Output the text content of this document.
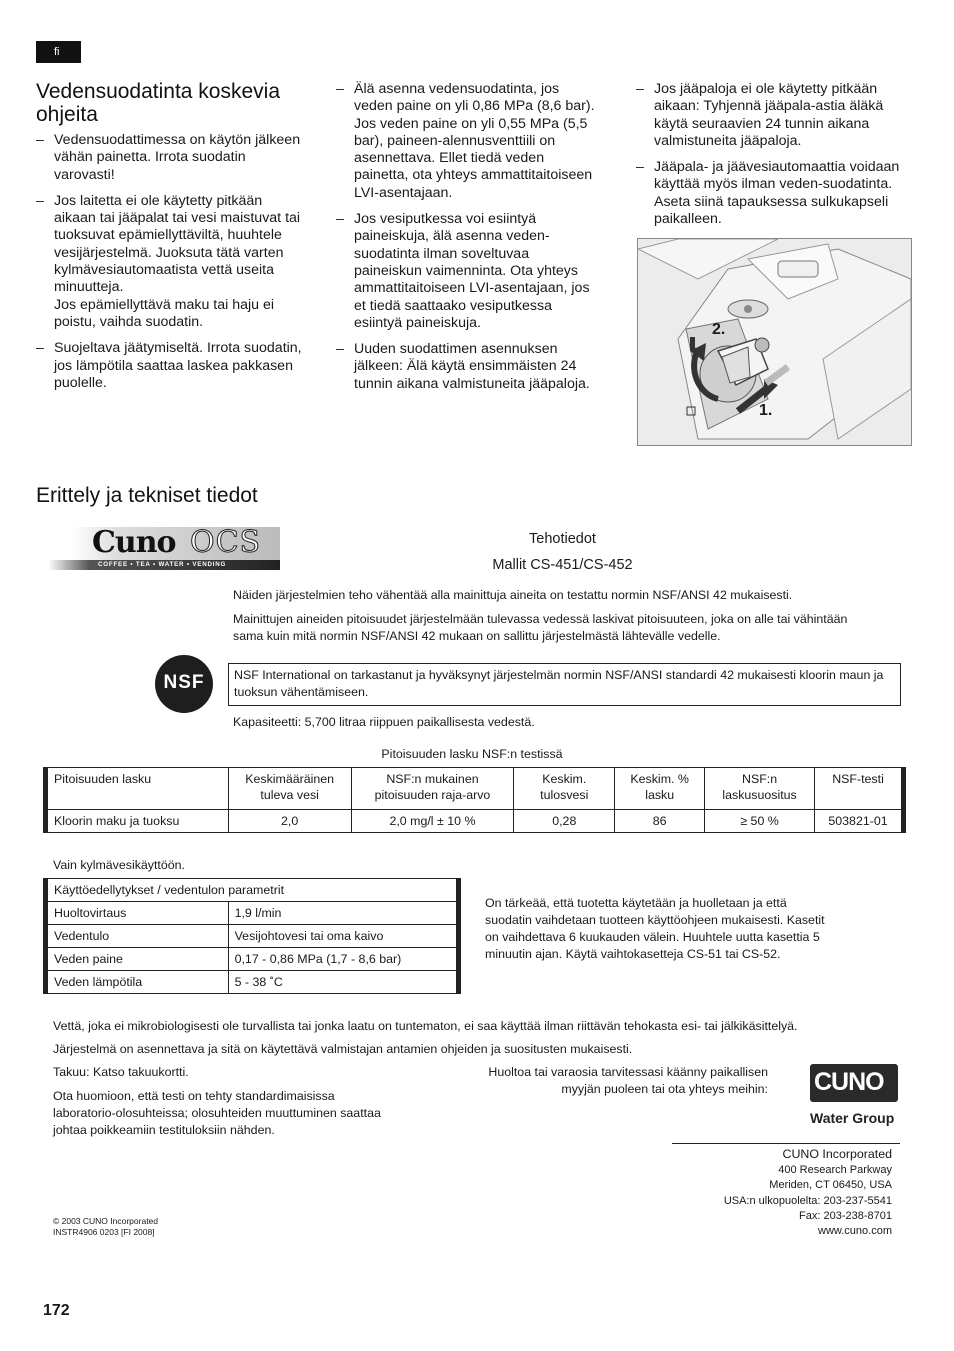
fi
Vedensuodatinta koskevia
ohjeita
– Vedensuodattimessa on käytön jälkeen vähän painetta. Irrota suodatin varovasti!
– Jos laitetta ei ole käytetty pitkään aikaan tai jääpalat tai vesi maistuvat tai tuoksuvat epämiellyttäviltä, huuhtele vesijärjestelmä. Juoksuta tätä varten kylmävesiautomaatista vettä useita minuutteja.
Jos epämiellyttävä maku tai haju ei poistu, vaihda suodatin.
– Suojeltava jäätymiseltä. Irrota suodatin, jos lämpötila saattaa laskea pakkasen puolelle.
– Älä asenna vedensuodatinta, jos veden paine on yli 0,86 MPa (8,6 bar). Jos veden paine on yli 0,55 MPa (5,5 bar), paineen-alennusventtiili on asennettava. Ellet tiedä veden painetta, ota yhteys ammattitaitoiseen LVI-asentajaan.
– Jos vesiputkessa voi esiintyä paineiskuja, älä asenna veden-suodatinta ilman soveltuvaa paineiskun vaimenninta. Ota yhteys ammattitaitoiseen LVI-asentajaan, jos et tiedä saattaako vesiputkessa esiintyä paineiskuja.
– Uuden suodattimen asennuksen jälkeen: Älä käytä ensimmäisten 24 tunnin aikana valmistuneita jääpaloja.
– Jos jääpaloja ei ole käytetty pitkään aikaan: Tyhjennä jääpala-astia äläkä käytä seuraavien 24 tunnin aikana valmistuneita jääpaloja.
– Jääpala- ja jäävesiautomaattia voidaan käyttää myös ilman veden-suodatinta. Aseta siinä tapauksessa sulkukapseli paikalleen.
2.
1.
Erittely ja tekniset tiedot
Cuno OCS
COFFEE • TEA • WATER • VENDING
Tehotiedot
Mallit CS-451/CS-452

Näiden järjestelmien teho vähentää alla mainittuja aineita on testattu normin NSF/ANSI 42 mukaisesti.

Mainittujen aineiden pitoisuudet järjestelmään tulevassa vedessä laskivat pitoisuuteen, joka on alle tai vähintään sama kuin mitä normin NSF/ANSI 42 mukaan on sallittu järjestelmästä lähtevälle vedelle.

NSF	NSF International on tarkastanut ja hyväksynyt järjestelmän normin NSF/ANSI standardi 42 mukaisesti kloorin maun ja tuoksun vähentämiseen.
Kapasiteetti: 5,700 litraa riippuen paikallisesta vedestä.
Pitoisuuden lasku NSF:n testissä
Pitoisuuden lasku	Keskimääräinen tuleva vesi	NSF:n mukainen pitoisuuden raja-arvo	Keskim. tulosvesi	Keskim. % lasku	NSF:n laskusuositus	NSF-testi
Kloorin maku ja tuoksu	2,0	2,0 mg/l ± 10 %	0,28	86	≥ 50 %	503821-01
Vain kylmävesikäyttöön.
Käyttöedellytykset / vedentulon parametrit	
Huoltovirtaus	1,9 l/min
Vedentulo	Vesijohtovesi tai oma kaivo
Veden paine	0,17 - 0,86 MPa (1,7 - 8,6 bar)
Veden lämpötila	5 - 38 ˚C
On tärkeää, että tuotetta käytetään ja huolletaan ja että suodatin vaihdetaan tuotteen käyttöohjeen mukaisesti. Kasetit on vaihdettava 6 kuukauden välein. Huuhtele uutta kasettia 5 minuutin ajan. Käytä vaihtokasetteja CS-51 tai CS-52.

Vettä, joka ei mikrobiologisesti ole turvallista tai jonka laatu on tuntematon, ei saa käyttää ilman riittävän tehokasta esi- tai jälkikäsittelyä.

Järjestelmä on asennettava ja sitä on käytettävä valmistajan antamien ohjeiden ja suositusten mukaisesti.

Takuu: Katso takuukortti.
Ota huomioon, että testi on tehty standardimaisissa laboratorio-olosuhteissa; olosuhteiden muuttuminen saattaa johtaa poikkeamiin testituloksiin nähden.
Huoltoa tai varaosia tarvitessasi käänny paikallisen myyjän puoleen tai ota yhteys meihin: CUNO
Water Group
CUNO Incorporated
400 Research Parkway
Meriden, CT 06450, USA
USA:n ulkopuolelta: 203-237-5541
Fax: 203-238-8701
www.cuno.com
© 2003 CUNO Incorporated
INSTR4906 0203 [FI 2008]
172
